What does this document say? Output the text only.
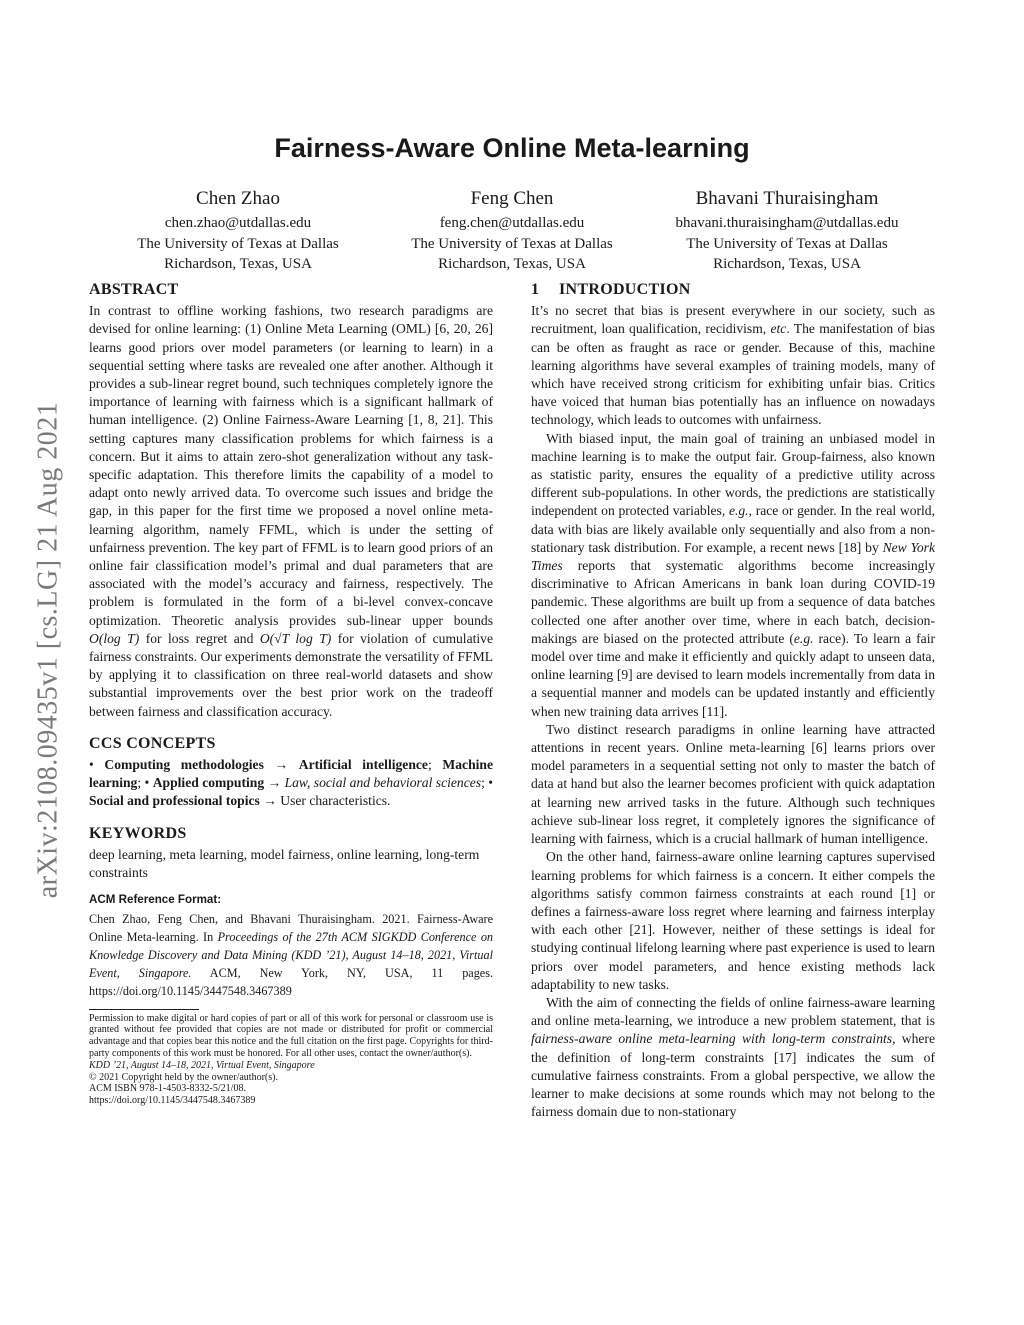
arXiv:2108.09435v1 [cs.LG] 21 Aug 2021
Fairness-Aware Online Meta-learning
Chen Zhao
chen.zhao@utdallas.edu
The University of Texas at Dallas
Richardson, Texas, USA
Feng Chen
feng.chen@utdallas.edu
The University of Texas at Dallas
Richardson, Texas, USA
Bhavani Thuraisingham
bhavani.thuraisingham@utdallas.edu
The University of Texas at Dallas
Richardson, Texas, USA
ABSTRACT

In contrast to offline working fashions, two research paradigms are devised for online learning: (1) Online Meta Learning (OML) [6, 20, 26] learns good priors over model parameters (or learning to learn) in a sequential setting where tasks are revealed one after another. Although it provides a sub-linear regret bound, such techniques completely ignore the importance of learning with fairness which is a significant hallmark of human intelligence. (2) Online Fairness-Aware Learning [1, 8, 21]. This setting captures many classification problems for which fairness is a concern. But it aims to attain zero-shot generalization without any task-specific adaptation. This therefore limits the capability of a model to adapt onto newly arrived data. To overcome such issues and bridge the gap, in this paper for the first time we proposed a novel online meta-learning algorithm, namely FFML, which is under the setting of unfairness prevention. The key part of FFML is to learn good priors of an online fair classification model’s primal and dual parameters that are associated with the model’s accuracy and fairness, respectively. The problem is formulated in the form of a bi-level convex-concave optimization. Theoretic analysis provides sub-linear upper bounds O(log T) for loss regret and O(√T log T) for violation of cumulative fairness constraints. Our experiments demonstrate the versatility of FFML by applying it to classification on three real-world datasets and show substantial improvements over the best prior work on the tradeoff between fairness and classification accuracy.

CCS CONCEPTS

• Computing methodologies → Artificial intelligence; Machine learning; • Applied computing → Law, social and behavioral sciences; • Social and professional topics → User characteristics.

KEYWORDS

deep learning, meta learning, model fairness, online learning, long-term constraints

ACM Reference Format:

Chen Zhao, Feng Chen, and Bhavani Thuraisingham. 2021. Fairness-Aware Online Meta-learning. In Proceedings of the 27th ACM SIGKDD Conference on Knowledge Discovery and Data Mining (KDD ’21), August 14–18, 2021, Virtual Event, Singapore. ACM, New York, NY, USA, 11 pages. https://doi.org/10.1145/3447548.3467389

Permission to make digital or hard copies of part or all of this work for personal or classroom use is granted without fee provided that copies are not made or distributed for profit or commercial advantage and that copies bear this notice and the full citation on the first page. Copyrights for third-party components of this work must be honored. For all other uses, contact the owner/author(s).
KDD ’21, August 14–18, 2021, Virtual Event, Singapore
© 2021 Copyright held by the owner/author(s).
ACM ISBN 978-1-4503-8332-5/21/08.
https://doi.org/10.1145/3447548.3467389
1 INTRODUCTION

It’s no secret that bias is present everywhere in our society, such as recruitment, loan qualification, recidivism, etc. The manifestation of bias can be often as fraught as race or gender. Because of this, machine learning algorithms have several examples of training models, many of which have received strong criticism for exhibiting unfair bias. Critics have voiced that human bias potentially has an influence on nowadays technology, which leads to outcomes with unfairness.

With biased input, the main goal of training an unbiased model in machine learning is to make the output fair. Group-fairness, also known as statistic parity, ensures the equality of a predictive utility across different sub-populations. In other words, the predictions are statistically independent on protected variables, e.g., race or gender. In the real world, data with bias are likely available only sequentially and also from a non-stationary task distribution. For example, a recent news [18] by New York Times reports that systematic algorithms become increasingly discriminative to African Americans in bank loan during COVID-19 pandemic. These algorithms are built up from a sequence of data batches collected one after another over time, where in each batch, decision-makings are biased on the protected attribute (e.g. race). To learn a fair model over time and make it efficiently and quickly adapt to unseen data, online learning [9] are devised to learn models incrementally from data in a sequential manner and models can be updated instantly and efficiently when new training data arrives [11].

Two distinct research paradigms in online learning have attracted attentions in recent years. Online meta-learning [6] learns priors over model parameters in a sequential setting not only to master the batch of data at hand but also the learner becomes proficient with quick adaptation at learning new arrived tasks in the future. Although such techniques achieve sub-linear loss regret, it completely ignores the significance of learning with fairness, which is a crucial hallmark of human intelligence.

On the other hand, fairness-aware online learning captures supervised learning problems for which fairness is a concern. It either compels the algorithms satisfy common fairness constraints at each round [1] or defines a fairness-aware loss regret where learning and fairness interplay with each other [21]. However, neither of these settings is ideal for studying continual lifelong learning where past experience is used to learn priors over model parameters, and hence existing methods lack adaptability to new tasks.

With the aim of connecting the fields of online fairness-aware learning and online meta-learning, we introduce a new problem statement, that is fairness-aware online meta-learning with long-term constraints, where the definition of long-term constraints [17] indicates the sum of cumulative fairness constraints. From a global perspective, we allow the learner to make decisions at some rounds which may not belong to the fairness domain due to non-stationary
